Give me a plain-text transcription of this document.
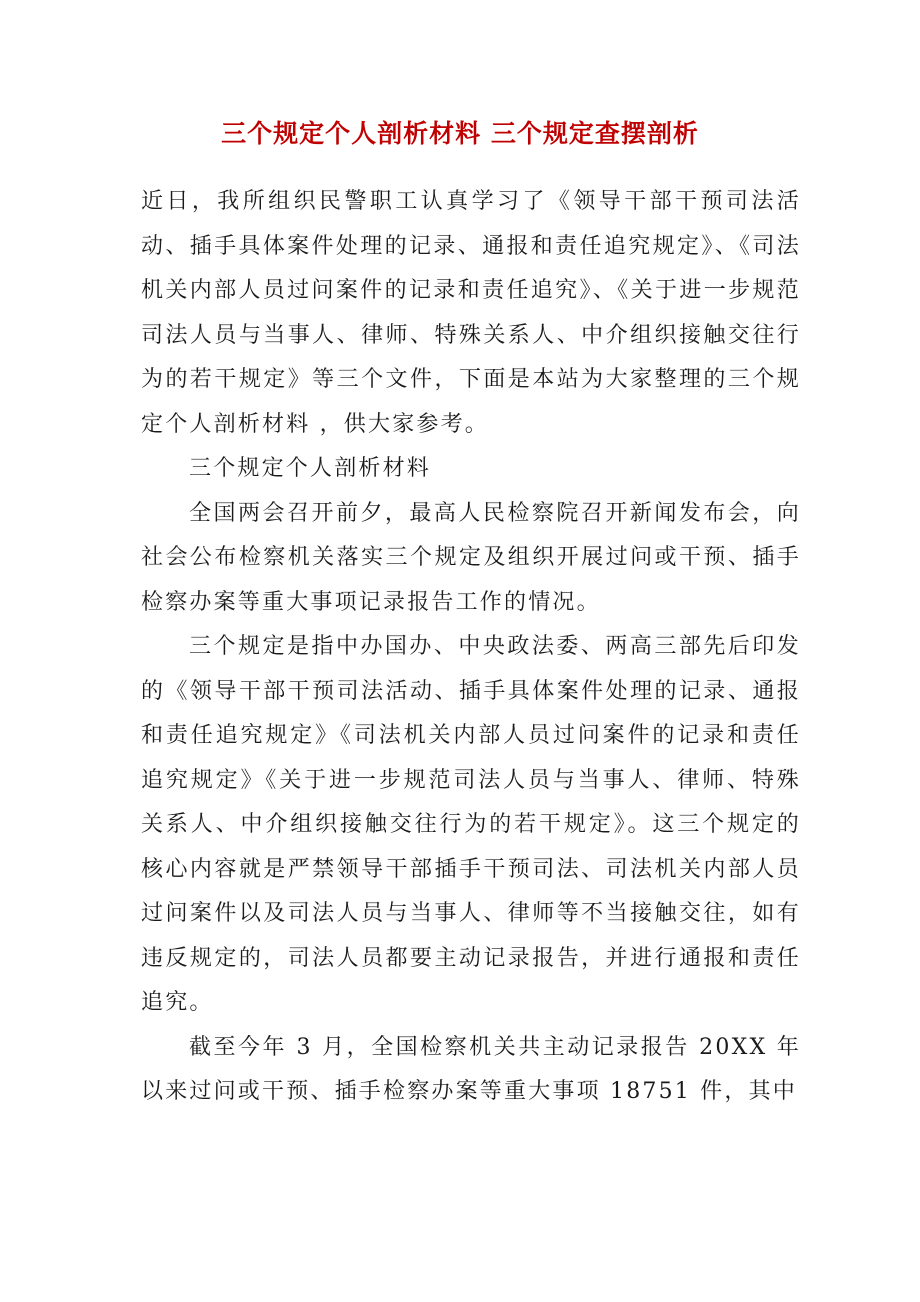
三个规定个人剖析材料 三个规定查摆剖析

近日，我所组织民警职工认真学习了《领导干部干预司法活动、插手具体案件处理的记录、通报和责任追究规定》、《司法机关内部人员过问案件的记录和责任追究》、《关于进一步规范司法人员与当事人、律师、特殊关系人、中介组织接触交往行为的若干规定》等三个文件，下面是本站为大家整理的三个规定个人剖析材料 ，供大家参考。

三个规定个人剖析材料

全国两会召开前夕，最高人民检察院召开新闻发布会，向社会公布检察机关落实三个规定及组织开展过问或干预、插手检察办案等重大事项记录报告工作的情况。

三个规定是指中办国办、中央政法委、两高三部先后印发的《领导干部干预司法活动、插手具体案件处理的记录、通报和责任追究规定》《司法机关内部人员过问案件的记录和责任追究规定》《关于进一步规范司法人员与当事人、律师、特殊关系人、中介组织接触交往行为的若干规定》。这三个规定的核心内容就是严禁领导干部插手干预司法、司法机关内部人员过问案件以及司法人员与当事人、律师等不当接触交往，如有违反规定的，司法人员都要主动记录报告，并进行通报和责任追究。

截至今年 3 月，全国检察机关共主动记录报告 20XX 年以来过问或干预、插手检察办案等重大事项 18751 件，其中
